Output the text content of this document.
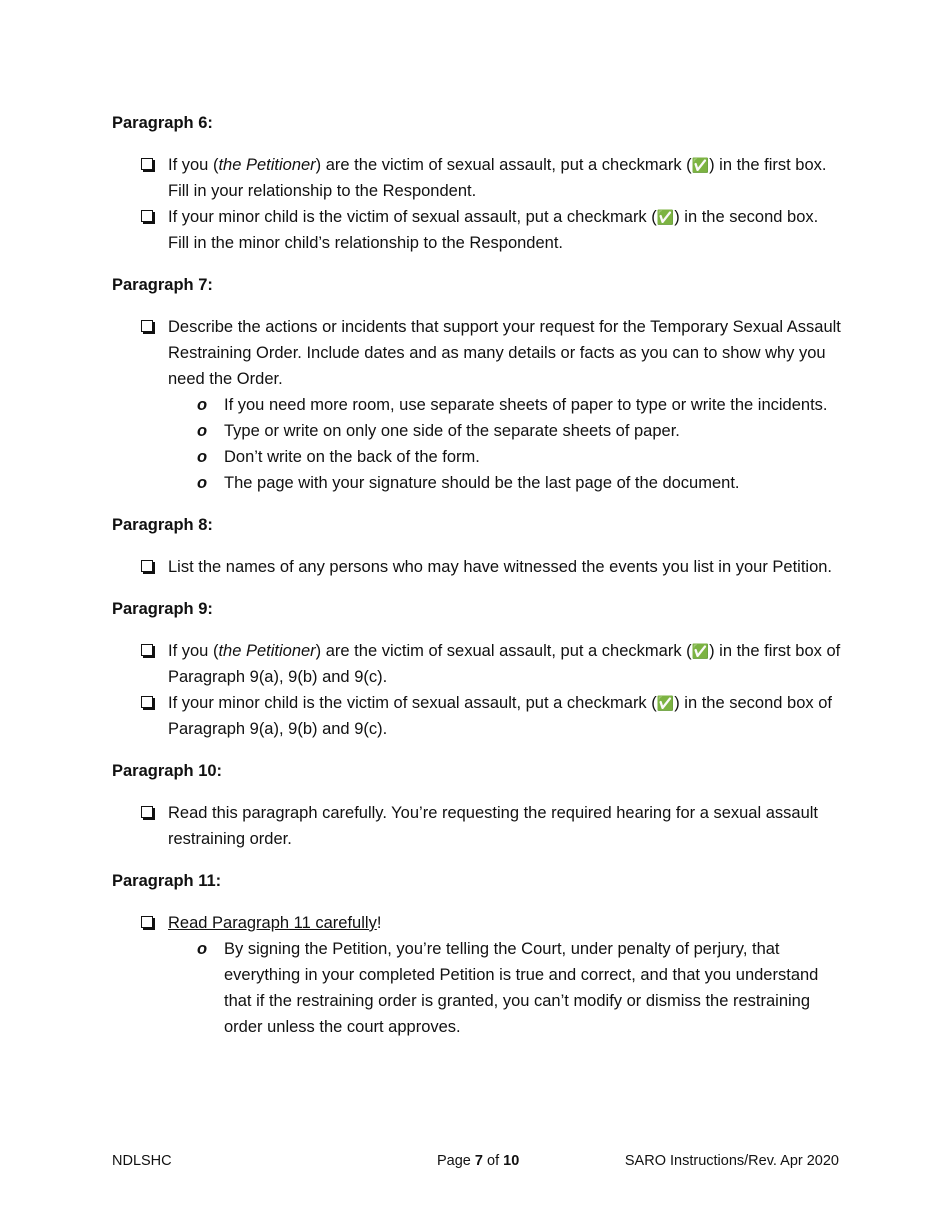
Paragraph 6:
If you (the Petitioner) are the victim of sexual assault, put a checkmark (✅) in the first box. Fill in your relationship to the Respondent.
If your minor child is the victim of sexual assault, put a checkmark (✅) in the second box. Fill in the minor child’s relationship to the Respondent.
Paragraph 7:
Describe the actions or incidents that support your request for the Temporary Sexual Assault Restraining Order. Include dates and as many details or facts as you can to show why you need the Order.
o If you need more room, use separate sheets of paper to type or write the incidents.
o Type or write on only one side of the separate sheets of paper.
o Don’t write on the back of the form.
o The page with your signature should be the last page of the document.
Paragraph 8:
List the names of any persons who may have witnessed the events you list in your Petition.
Paragraph 9:
If you (the Petitioner) are the victim of sexual assault, put a checkmark (✅) in the first box of Paragraph 9(a), 9(b) and 9(c).
If your minor child is the victim of sexual assault, put a checkmark (✅) in the second box of Paragraph 9(a), 9(b) and 9(c).
Paragraph 10:
Read this paragraph carefully. You’re requesting the required hearing for a sexual assault restraining order.
Paragraph 11:
Read Paragraph 11 carefully!
o By signing the Petition, you’re telling the Court, under penalty of perjury, that everything in your completed Petition is true and correct, and that you understand that if the restraining order is granted, you can’t modify or dismiss the restraining order unless the court approves.
NDLSHC	Page 7 of 10	SARO Instructions/Rev. Apr 2020
